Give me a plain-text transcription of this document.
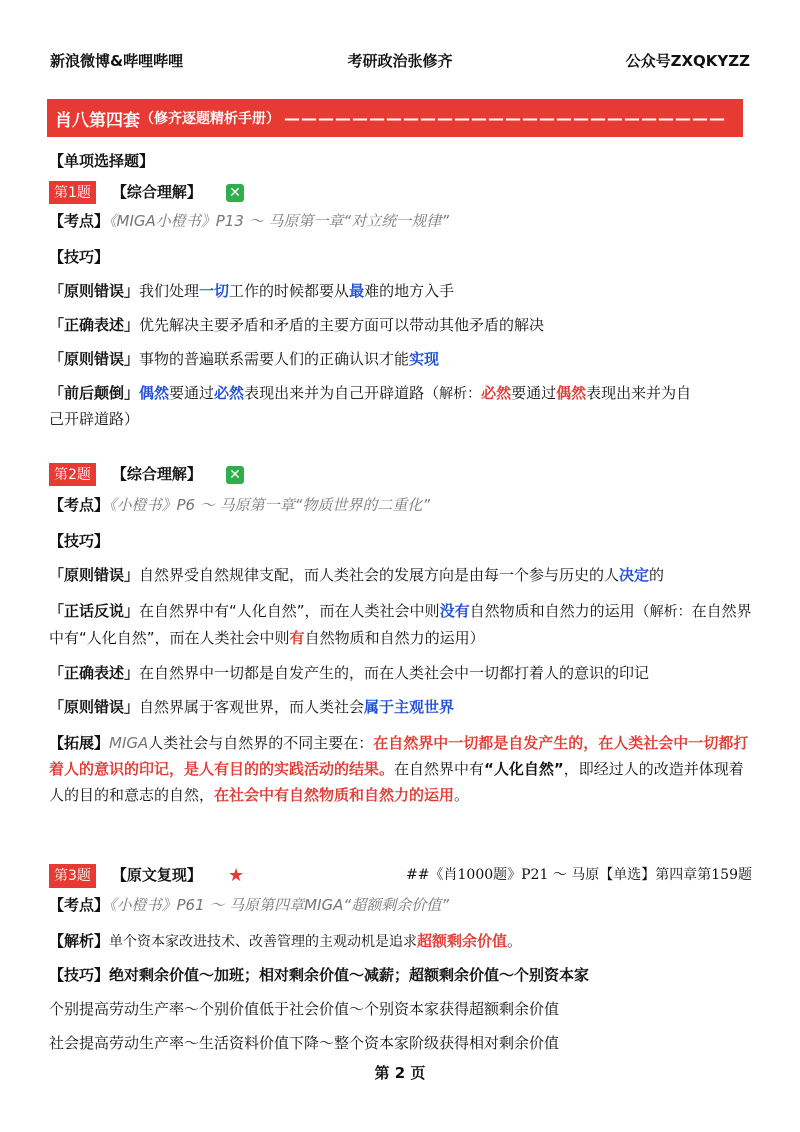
新浪微博&哔哩哔哩	考研政治张修齐	公众号ZXQKYZZ
肖八第四套 （修齐逐题精析手册） ——————————————————————————
【单项选择题】
第1题 【综合理解】 ✕
【考点】《MIGA小橙书》P13 ～ 马原第一章“对立统一规律”
【技巧】
「原则错误」我们处理一切工作的时候都要从最难的地方入手
「正确表述」优先解决主要矛盾和矛盾的主要方面可以带动其他矛盾的解决
「原则错误」事物的普遍联系需要人们的正确认识才能实现
「前后颠倒」偶然要通过必然表现出来并为自己开辟道路（解析：必然要通过偶然表现出来并为自
己开辟道路）
第2题 【综合理解】 ✕
【考点】《小橙书》P6 ～ 马原第一章“物质世界的二重化”
【技巧】
「原则错误」自然界受自然规律支配，而人类社会的发展方向是由每一个参与历史的人决定的
「正话反说」在自然界中有“人化自然”，而在人类社会中则没有自然物质和自然力的运用（解析：在自然界中有“人化自然”，而在人类社会中则有自然物质和自然力的运用）
「正确表述」在自然界中一切都是自发产生的，而在人类社会中一切都打着人的意识的印记
「原则错误」自然界属于客观世界，而人类社会属于主观世界
【拓展】MIGA人类社会与自然界的不同主要在：在自然界中一切都是自发产生的，在人类社会中一切都打着人的意识的印记，是人有目的的实践活动的结果。在自然界中有“人化自然”，即经过人的改造并体现着人的目的和意志的自然，在社会中有自然物质和自然力的运用。
第3题 【原文复现】 ★	##《肖1000题》P21 ～ 马原【单选】第四章第159题
【考点】《小橙书》P61 ～ 马原第四章MIGA“超额剩余价值”
【解析】单个资本家改进技术、改善管理的主观动机是追求超额剩余价值。
【技巧】绝对剩余价值～加班；相对剩余价值～减薪；超额剩余价值～个别资本家
个别提高劳动生产率～个别价值低于社会价值～个别资本家获得超额剩余价值
社会提高劳动生产率～生活资料价值下降～整个资本家阶级获得相对剩余价值
第 2 页
